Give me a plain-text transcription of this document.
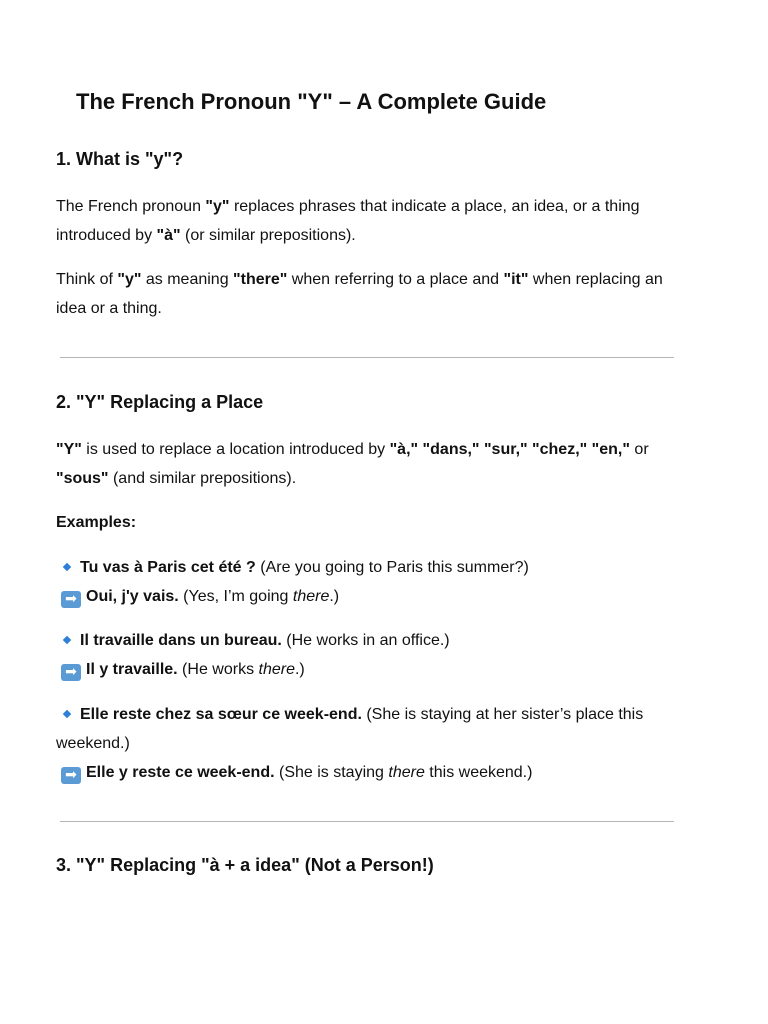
The French Pronoun "Y" – A Complete Guide
1. What is "y"?

The French pronoun "y" replaces phrases that indicate a place, an idea, or a thing introduced by "à" (or similar prepositions).

Think of "y" as meaning "there" when referring to a place and "it" when replacing an idea or a thing.

2. "Y" Replacing a Place

"Y" is used to replace a location introduced by "à," "dans," "sur," "chez," "en," or "sous" (and similar prepositions).

Examples:

Tu vas à Paris cet été ? (Are you going to Paris this summer?)
➡ Oui, j'y vais. (Yes, I’m going there.)

Il travaille dans un bureau. (He works in an office.)
➡ Il y travaille. (He works there.)

Elle reste chez sa sœur ce week-end. (She is staying at her sister’s place this weekend.)
➡ Elle y reste ce week-end. (She is staying there this weekend.)

3. "Y" Replacing "à + a idea" (Not a Person!)
